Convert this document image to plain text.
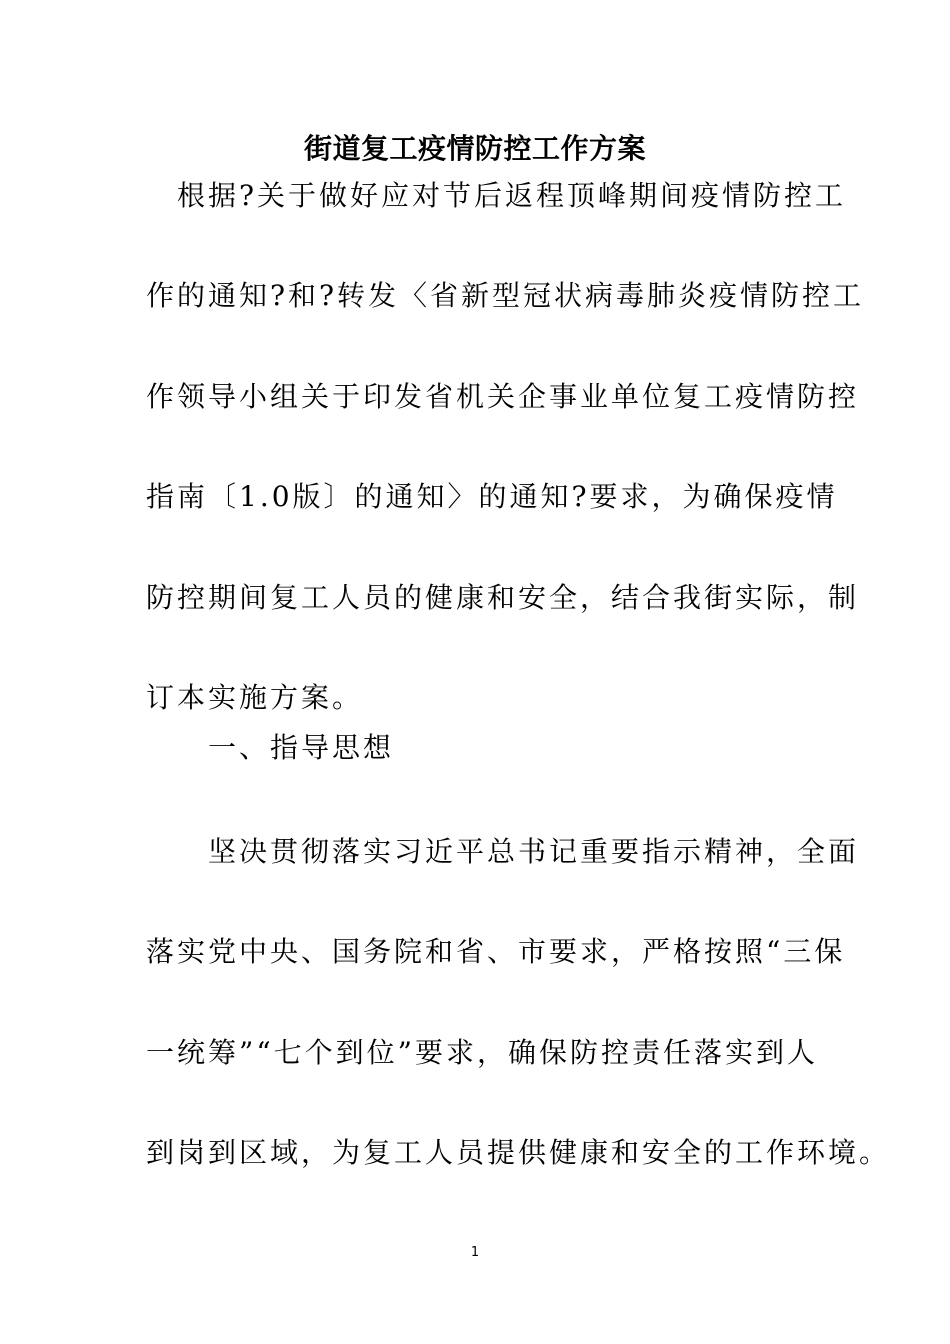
街道复工疫情防控工作方案
　根据?关于做好应对节后返程顶峰期间疫情防控工
作的通知?和?转发〈省新型冠状病毒肺炎疫情防控工
作领导小组关于印发省机关企事业单位复工疫情防控
指南〔1.0版〕的通知〉的通知?要求，为确保疫情
防控期间复工人员的健康和安全，结合我街实际，制
订本实施方案。
　　一、指导思想
　　坚决贯彻落实习近平总书记重要指示精神，全面
落实党中央、国务院和省、市要求，严格按照“三保
一统筹”“七个到位”要求，确保防控责任落实到人
到岗到区域，为复工人员提供健康和安全的工作环境。
1
